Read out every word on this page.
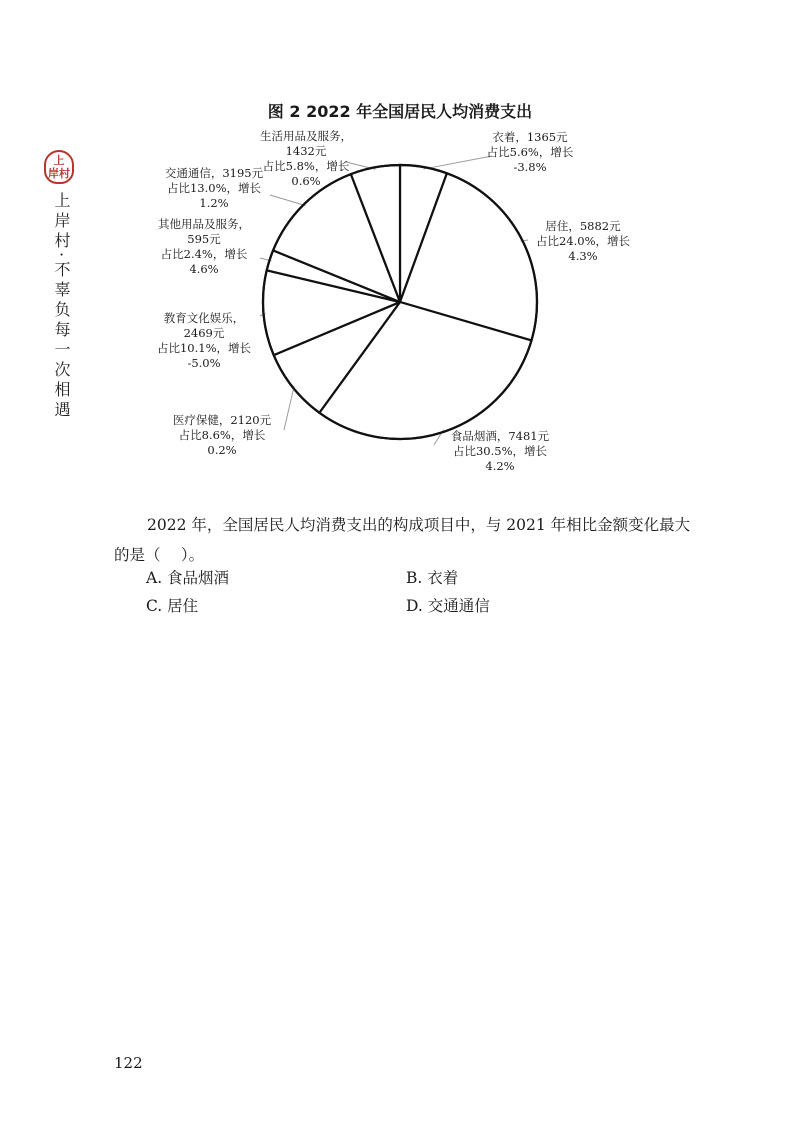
上
岸村
上岸村·不辜负每一次相遇
图 2 2022 年全国居民人均消费支出
衣着，1365元占比5.6%，增长-3.8%
居住，5882元占比24.0%，增长 4.3%
食品烟酒，7481元占比30.5%，增长 4.2%
医疗保健，2120元占比8.6%，增长 0.2%
教育文化娱乐， 2469元占比10.1%，增长-5.0%
其他用品及服务， 595元占比2.4%，增长 4.6%
交通通信，3195元占比13.0%，增长 1.2%
生活用品及服务， 1432元占比5.8%，增长 0.6%
2022 年，全国居民人均消费支出的构成项目中，与 2021 年相比金额变化最大的是（　 ）。
A. 食品烟酒	B. 衣着
C. 居住	D. 交通通信
122
